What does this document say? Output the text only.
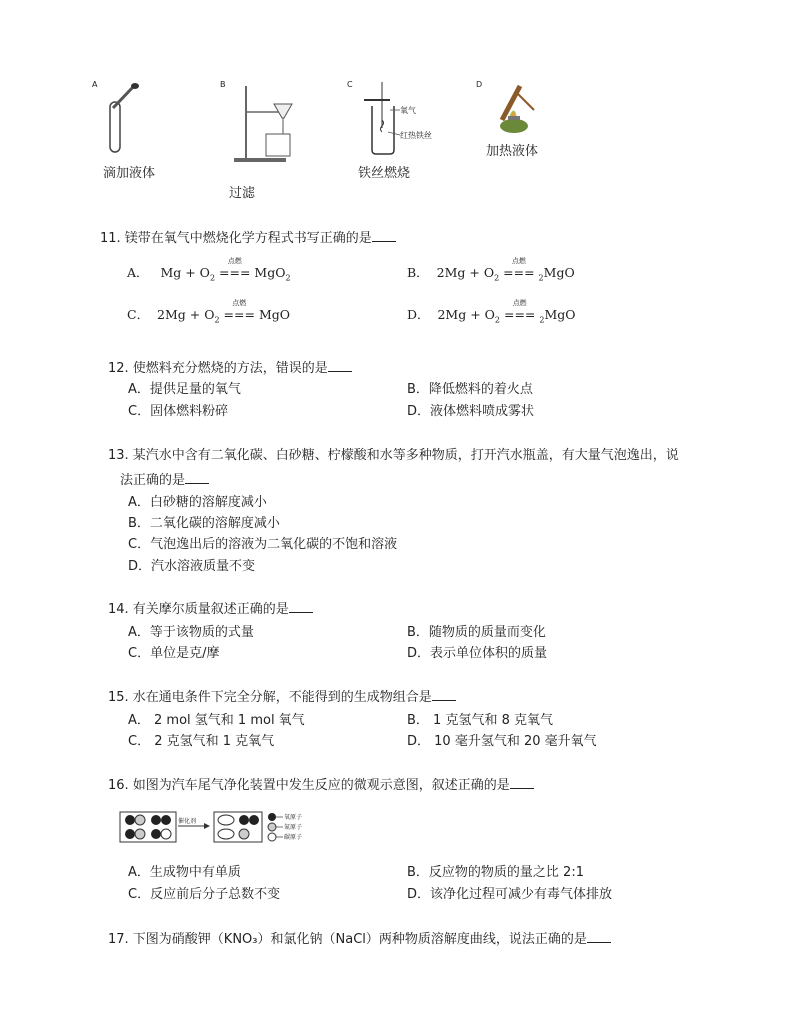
A	B	C	D
滴加液体
过滤
氧气
红热铁丝
铁丝燃烧
加热液体
11. 镁带在氧气中燃烧化学方程式书写正确的是
A． $Mg + O_2$
点燃
=== MgO$_2$	B． $2Mg + O_2$
点燃
=== $_2$MgO
C． $2Mg + O_2$
点燃
=== MgO	D． $2Mg + O_2$
点燃
=== $_2$MgO
12. 使燃料充分燃烧的方法，错误的是
A．提供足量的氧气	B．降低燃料的着火点
C．固体燃料粉碎	D．液体燃料喷成雾状
13. 某汽水中含有二氧化碳、白砂糖、柠檬酸和水等多种物质，打开汽水瓶盖，有大量气泡逸出，说
法正确的是
A．白砂糖的溶解度减小
B．二氧化碳的溶解度减小
C．气泡逸出后的溶液为二氧化碳的不饱和溶液
D．汽水溶液质量不变
14. 有关摩尔质量叙述正确的是
A．等于该物质的式量	B．随物质的质量而变化
C．单位是克/摩	D．表示单位体积的质量
15. 水在通电条件下完全分解，不能得到的生成物组合是
A． 2 mol 氢气和 1 mol 氧气	B． 1 克氢气和 8 克氧气
C． 2 克氢气和 1 克氧气	D． 10 毫升氢气和 20 毫升氧气
16. 如图为汽车尾气净化装置中发生反应的微观示意图，叙述正确的是
催化剂
氧原子
氮原子
碳原子
A．生成物中有单质	B．反应物的物质的量之比 2:1
C．反应前后分子总数不变	D．该净化过程可减少有毒气体排放
17. 下图为硝酸钾（KNO₃）和氯化钠（NaCl）两种物质溶解度曲线，说法正确的是
